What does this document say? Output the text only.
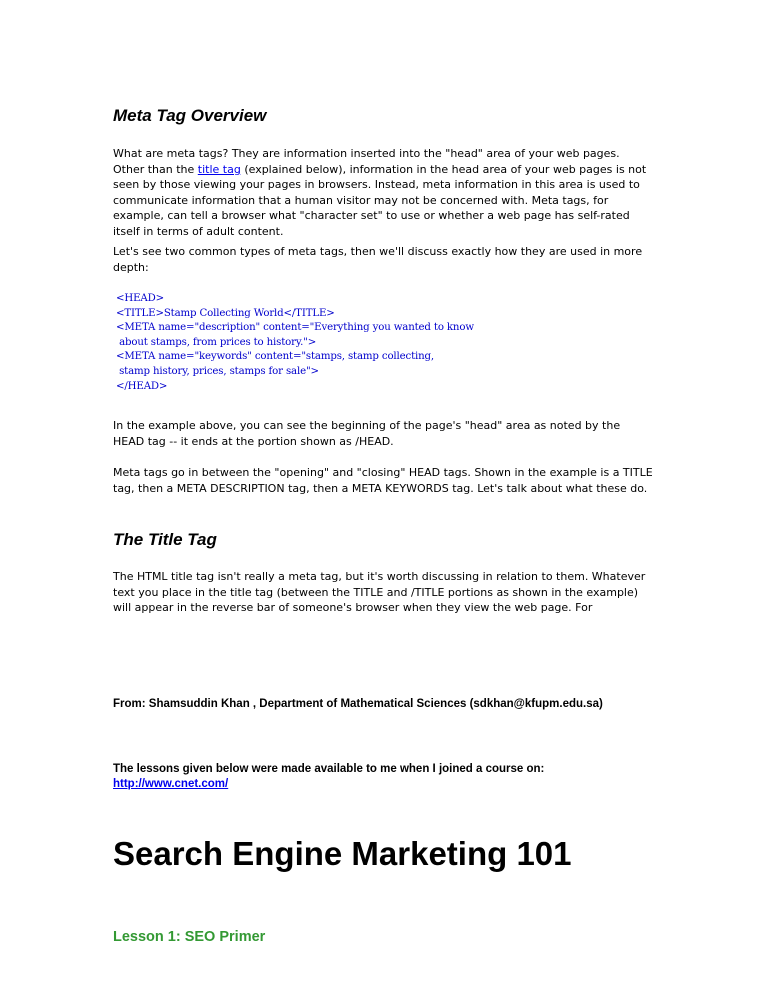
Meta Tag Overview

What are meta tags? They are information inserted into the "head" area of your web pages. Other than the title tag (explained below), information in the head area of your web pages is not seen by those viewing your pages in browsers. Instead, meta information in this area is used to communicate information that a human visitor may not be concerned with. Meta tags, for example, can tell a browser what "character set" to use or whether a web page has self-rated itself in terms of adult content.

Let's see two common types of meta tags, then we'll discuss exactly how they are used in more depth:

<HEAD>
<TITLE>Stamp Collecting World</TITLE>
<META name="description" content="Everything you wanted to know
about stamps, from prices to history.">
<META name="keywords" content="stamps, stamp collecting,
stamp history, prices, stamps for sale">
</HEAD>

In the example above, you can see the beginning of the page's "head" area as noted by the HEAD tag -- it ends at the portion shown as /HEAD.

Meta tags go in between the "opening" and "closing" HEAD tags. Shown in the example is a TITLE tag, then a META DESCRIPTION tag, then a META KEYWORDS tag. Let's talk about what these do.

The Title Tag

The HTML title tag isn't really a meta tag, but it's worth discussing in relation to them. Whatever text you place in the title tag (between the TITLE and /TITLE portions as shown in the example) will appear in the reverse bar of someone's browser when they view the web page. For

From: Shamsuddin Khan , Department of Mathematical Sciences (sdkhan@kfupm.edu.sa)

The lessons given below were made available to me when I joined a course on:

http://www.cnet.com/

Search Engine Marketing 101
Lesson 1: SEO Primer
